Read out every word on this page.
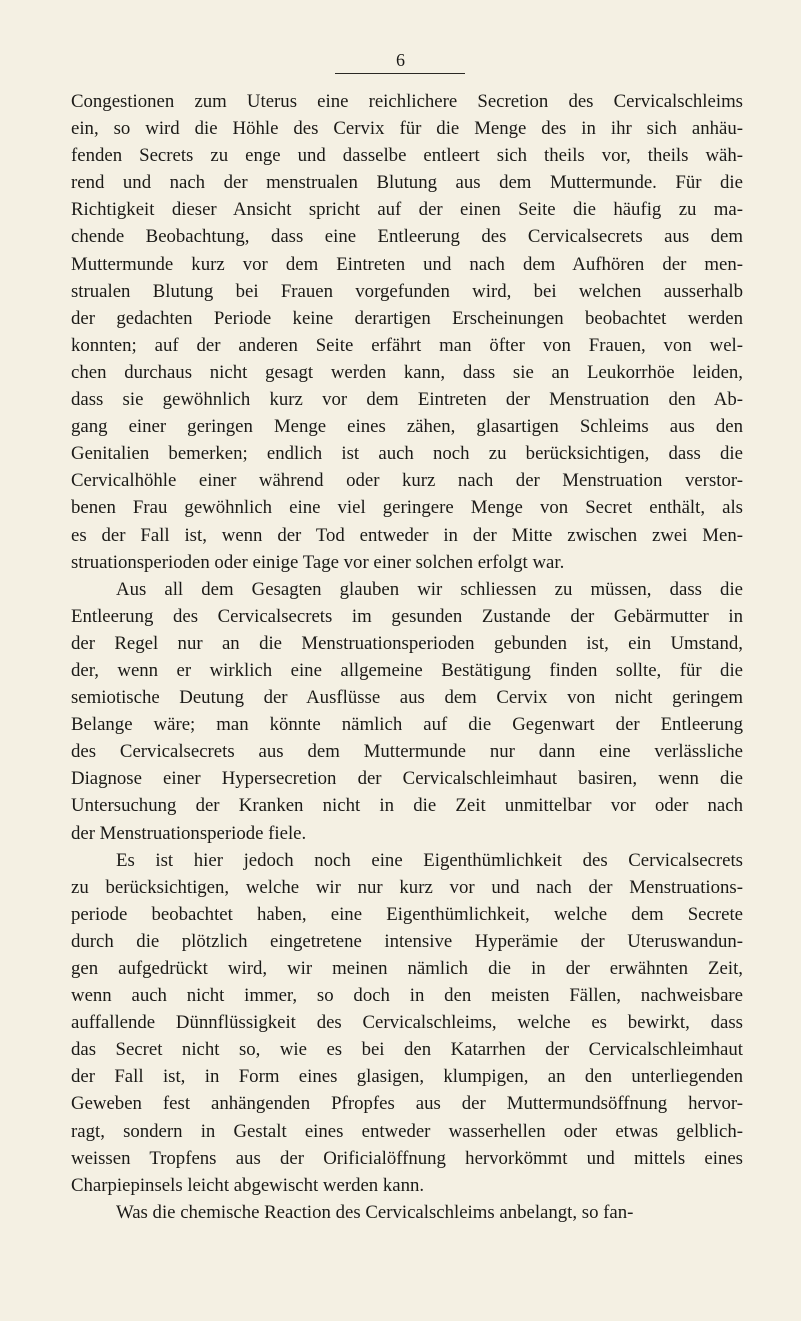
6
Congestionen zum Uterus eine reichlichere Secretion des Cervicalschleims
ein, so wird die Höhle des Cervix für die Menge des in ihr sich anhäu-
fenden Secrets zu enge und dasselbe entleert sich theils vor, theils wäh-
rend und nach der menstrualen Blutung aus dem Muttermunde. Für die
Richtigkeit dieser Ansicht spricht auf der einen Seite die häufig zu ma-
chende Beobachtung, dass eine Entleerung des Cervicalsecrets aus dem
Muttermunde kurz vor dem Eintreten und nach dem Aufhören der men-
strualen Blutung bei Frauen vorgefunden wird, bei welchen ausserhalb
der gedachten Periode keine derartigen Erscheinungen beobachtet werden
konnten; auf der anderen Seite erfährt man öfter von Frauen, von wel-
chen durchaus nicht gesagt werden kann, dass sie an Leukorrhöe leiden,
dass sie gewöhnlich kurz vor dem Eintreten der Menstruation den Ab-
gang einer geringen Menge eines zähen, glasartigen Schleims aus den
Genitalien bemerken; endlich ist auch noch zu berücksichtigen, dass die
Cervicalhöhle einer während oder kurz nach der Menstruation verstor-
benen Frau gewöhnlich eine viel geringere Menge von Secret enthält, als
es der Fall ist, wenn der Tod entweder in der Mitte zwischen zwei Men-
struationsperioden oder einige Tage vor einer solchen erfolgt war.
Aus all dem Gesagten glauben wir schliessen zu müssen, dass die
Entleerung des Cervicalsecrets im gesunden Zustande der Gebärmutter in
der Regel nur an die Menstruationsperioden gebunden ist, ein Umstand,
der, wenn er wirklich eine allgemeine Bestätigung finden sollte, für die
semiotische Deutung der Ausflüsse aus dem Cervix von nicht geringem
Belange wäre; man könnte nämlich auf die Gegenwart der Entleerung
des Cervicalsecrets aus dem Muttermunde nur dann eine verlässliche
Diagnose einer Hypersecretion der Cervicalschleimhaut basiren, wenn die
Untersuchung der Kranken nicht in die Zeit unmittelbar vor oder nach
der Menstruationsperiode fiele.
Es ist hier jedoch noch eine Eigenthümlichkeit des Cervicalsecrets
zu berücksichtigen, welche wir nur kurz vor und nach der Menstruations-
periode beobachtet haben, eine Eigenthümlichkeit, welche dem Secrete
durch die plötzlich eingetretene intensive Hyperämie der Uteruswandun-
gen aufgedrückt wird, wir meinen nämlich die in der erwähnten Zeit,
wenn auch nicht immer, so doch in den meisten Fällen, nachweisbare
auffallende Dünnflüssigkeit des Cervicalschleims, welche es bewirkt, dass
das Secret nicht so, wie es bei den Katarrhen der Cervicalschleimhaut
der Fall ist, in Form eines glasigen, klumpigen, an den unterliegenden
Geweben fest anhängenden Pfropfes aus der Muttermundsöffnung hervor-
ragt, sondern in Gestalt eines entweder wasserhellen oder etwas gelblich-
weissen Tropfens aus der Orificialöffnung hervorkömmt und mittels eines
Charpiepinsels leicht abgewischt werden kann.
Was die chemische Reaction des Cervicalschleims anbelangt, so fan-
